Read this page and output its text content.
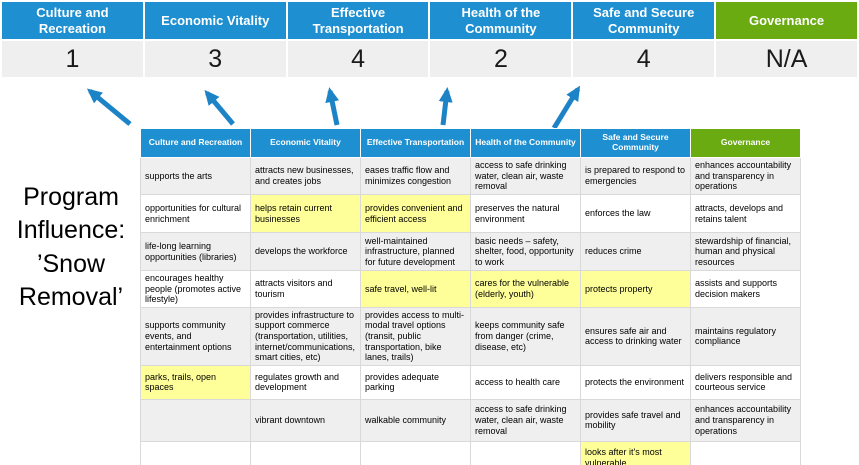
Culture and Recreation
Economic Vitality
Effective Transportation
Health of the Community
Safe and Secure Community
Governance
1	3	4	2	4	N/A
Program Influence: ’Snow Removal’
Culture and Recreation	Economic Vitality	Effective Transportation	Health of the Community	Safe and Secure Community	Governance
supports the arts	attracts new businesses, and creates jobs	eases traffic flow and minimizes congestion	access to safe drinking water, clean air, waste removal	is prepared to respond to emergencies	enhances accountability and transparency in operations
opportunities for cultural enrichment	helps retain current businesses	provides convenient and efficient access	preserves the natural environment	enforces the law	attracts, develops and retains talent
life-long learning opportunities (libraries)	develops the workforce	well-maintained infrastructure, planned for future development	basic needs – safety, shelter, food, opportunity to work	reduces crime	stewardship of financial, human and physical resources
encourages healthy people (promotes active lifestyle)	attracts visitors and tourism	safe travel, well-lit	cares for the vulnerable (elderly, youth)	protects property	assists and supports decision makers
supports community events, and entertainment options	provides infrastructure to support commerce (transportation, utilities, internet/communications, smart cities, etc)	provides access to multi-modal travel options (transit, public transportation, bike lanes, trails)	keeps community safe from danger (crime, disease, etc)	ensures safe air and access to drinking water	maintains regulatory compliance
parks, trails, open spaces	regulates growth and development	provides adequate parking	access to health care	protects the environment	delivers responsible and courteous service
	vibrant downtown	walkable community	access to safe drinking water, clean air, waste removal	provides safe travel and mobility	enhances accountability and transparency in operations
				looks after it's most vulnerable	
